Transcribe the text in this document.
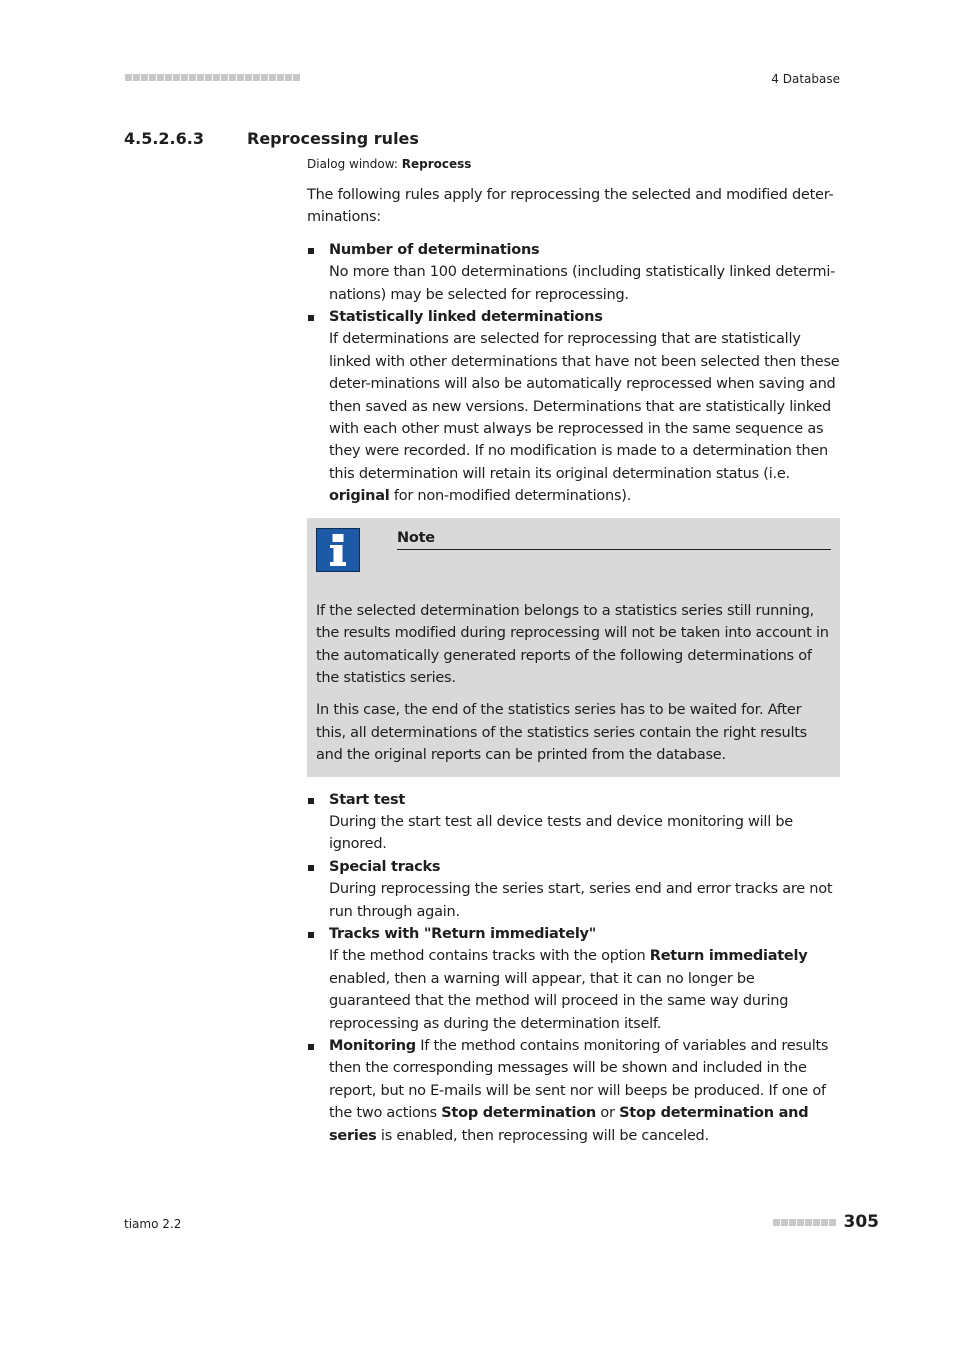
4 Database
4.5.2.6.3	Reprocessing rules
Dialog window: Reprocess

The following rules apply for reprocessing the selected and modified deter-minations:

Number of determinations
No more than 100 determinations (including statistically linked determi-nations) may be selected for reprocessing.
Statistically linked determinations
If determinations are selected for reprocessing that are statistically linked with other determinations that have not been selected then these deter-minations will also be automatically reprocessed when saving and then saved as new versions. Determinations that are statistically linked with each other must always be reprocessed in the same sequence as they were recorded. If no modification is made to a determination then this determination will retain its original determination status (i.e. original for non-modified determinations).
Note

If the selected determination belongs to a statistics series still running, the results modified during reprocessing will not be taken into account in the automatically generated reports of the following determinations of the statistics series.

In this case, the end of the statistics series has to be waited for. After this, all determinations of the statistics series contain the right results and the original reports can be printed from the database.

Start test
During the start test all device tests and device monitoring will be ignored.
Special tracks
During reprocessing the series start, series end and error tracks are not run through again.
Tracks with "Return immediately"
If the method contains tracks with the option Return immediately enabled, then a warning will appear, that it can no longer be guaranteed that the method will proceed in the same way during reprocessing as during the determination itself.
Monitoring If the method contains monitoring of variables and results then the corresponding messages will be shown and included in the report, but no E-mails will be sent nor will beeps be produced. If one of the two actions Stop determination or Stop determination and series is enabled, then reprocessing will be canceled.
tiamo 2.2	305
